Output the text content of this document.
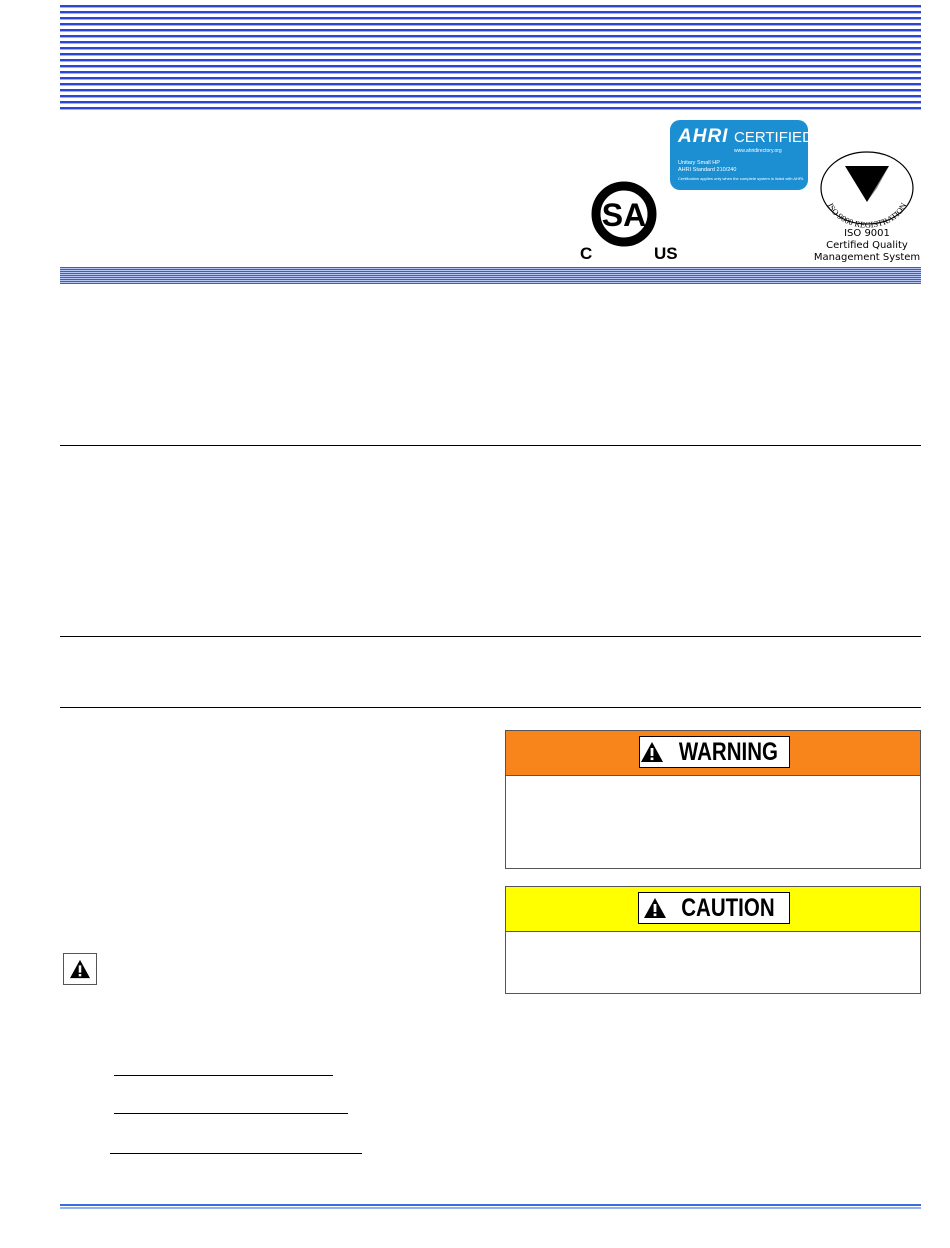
AHRI CERTIFIED™
www.ahridirectory.org
Unitary Small HP
AHRI Standard 210/240
Certification applies only when the complete system is listed with AHRI.
SA
C	US
ISO 9000 REGISTRATION
ISO 9001
Certified Quality
Management System
WARNING
CAUTION
